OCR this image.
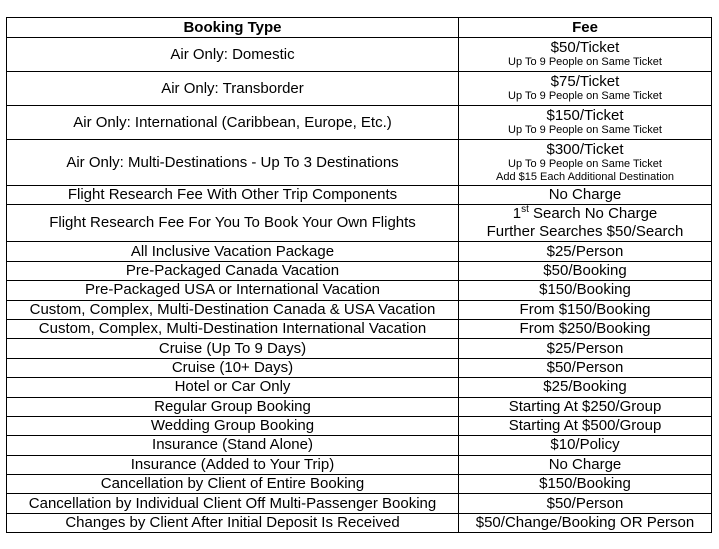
Booking Type	Fee
Air Only: Domestic	$50/Ticket
Up To 9 People on Same Ticket

Air Only: Transborder	$75/Ticket
Up To 9 People on Same Ticket

Air Only: International (Caribbean, Europe, Etc.)	$150/Ticket
Up To 9 People on Same Ticket

Air Only: Multi-Destinations - Up To 3 Destinations	$300/Ticket
Up To 9 People on Same Ticket
Add $15 Each Additional Destination

Flight Research Fee With Other Trip Components	No Charge
Flight Research Fee For You To Book Your Own Flights	1st Search No Charge
Further Searches $50/Search

All Inclusive Vacation Package	$25/Person
Pre-Packaged Canada Vacation	$50/Booking
Pre-Packaged USA or International Vacation	$150/Booking
Custom, Complex, Multi-Destination Canada & USA Vacation	From $150/Booking
Custom, Complex, Multi-Destination International Vacation	From $250/Booking
Cruise (Up To 9 Days)	$25/Person
Cruise (10+ Days)	$50/Person
Hotel or Car Only	$25/Booking
Regular Group Booking	Starting At $250/Group
Wedding Group Booking	Starting At $500/Group
Insurance (Stand Alone)	$10/Policy
Insurance (Added to Your Trip)	No Charge
Cancellation by Client of Entire Booking	$150/Booking
Cancellation by Individual Client Off Multi-Passenger Booking	$50/Person
Changes by Client After Initial Deposit Is Received	$50/Change/Booking OR Person
